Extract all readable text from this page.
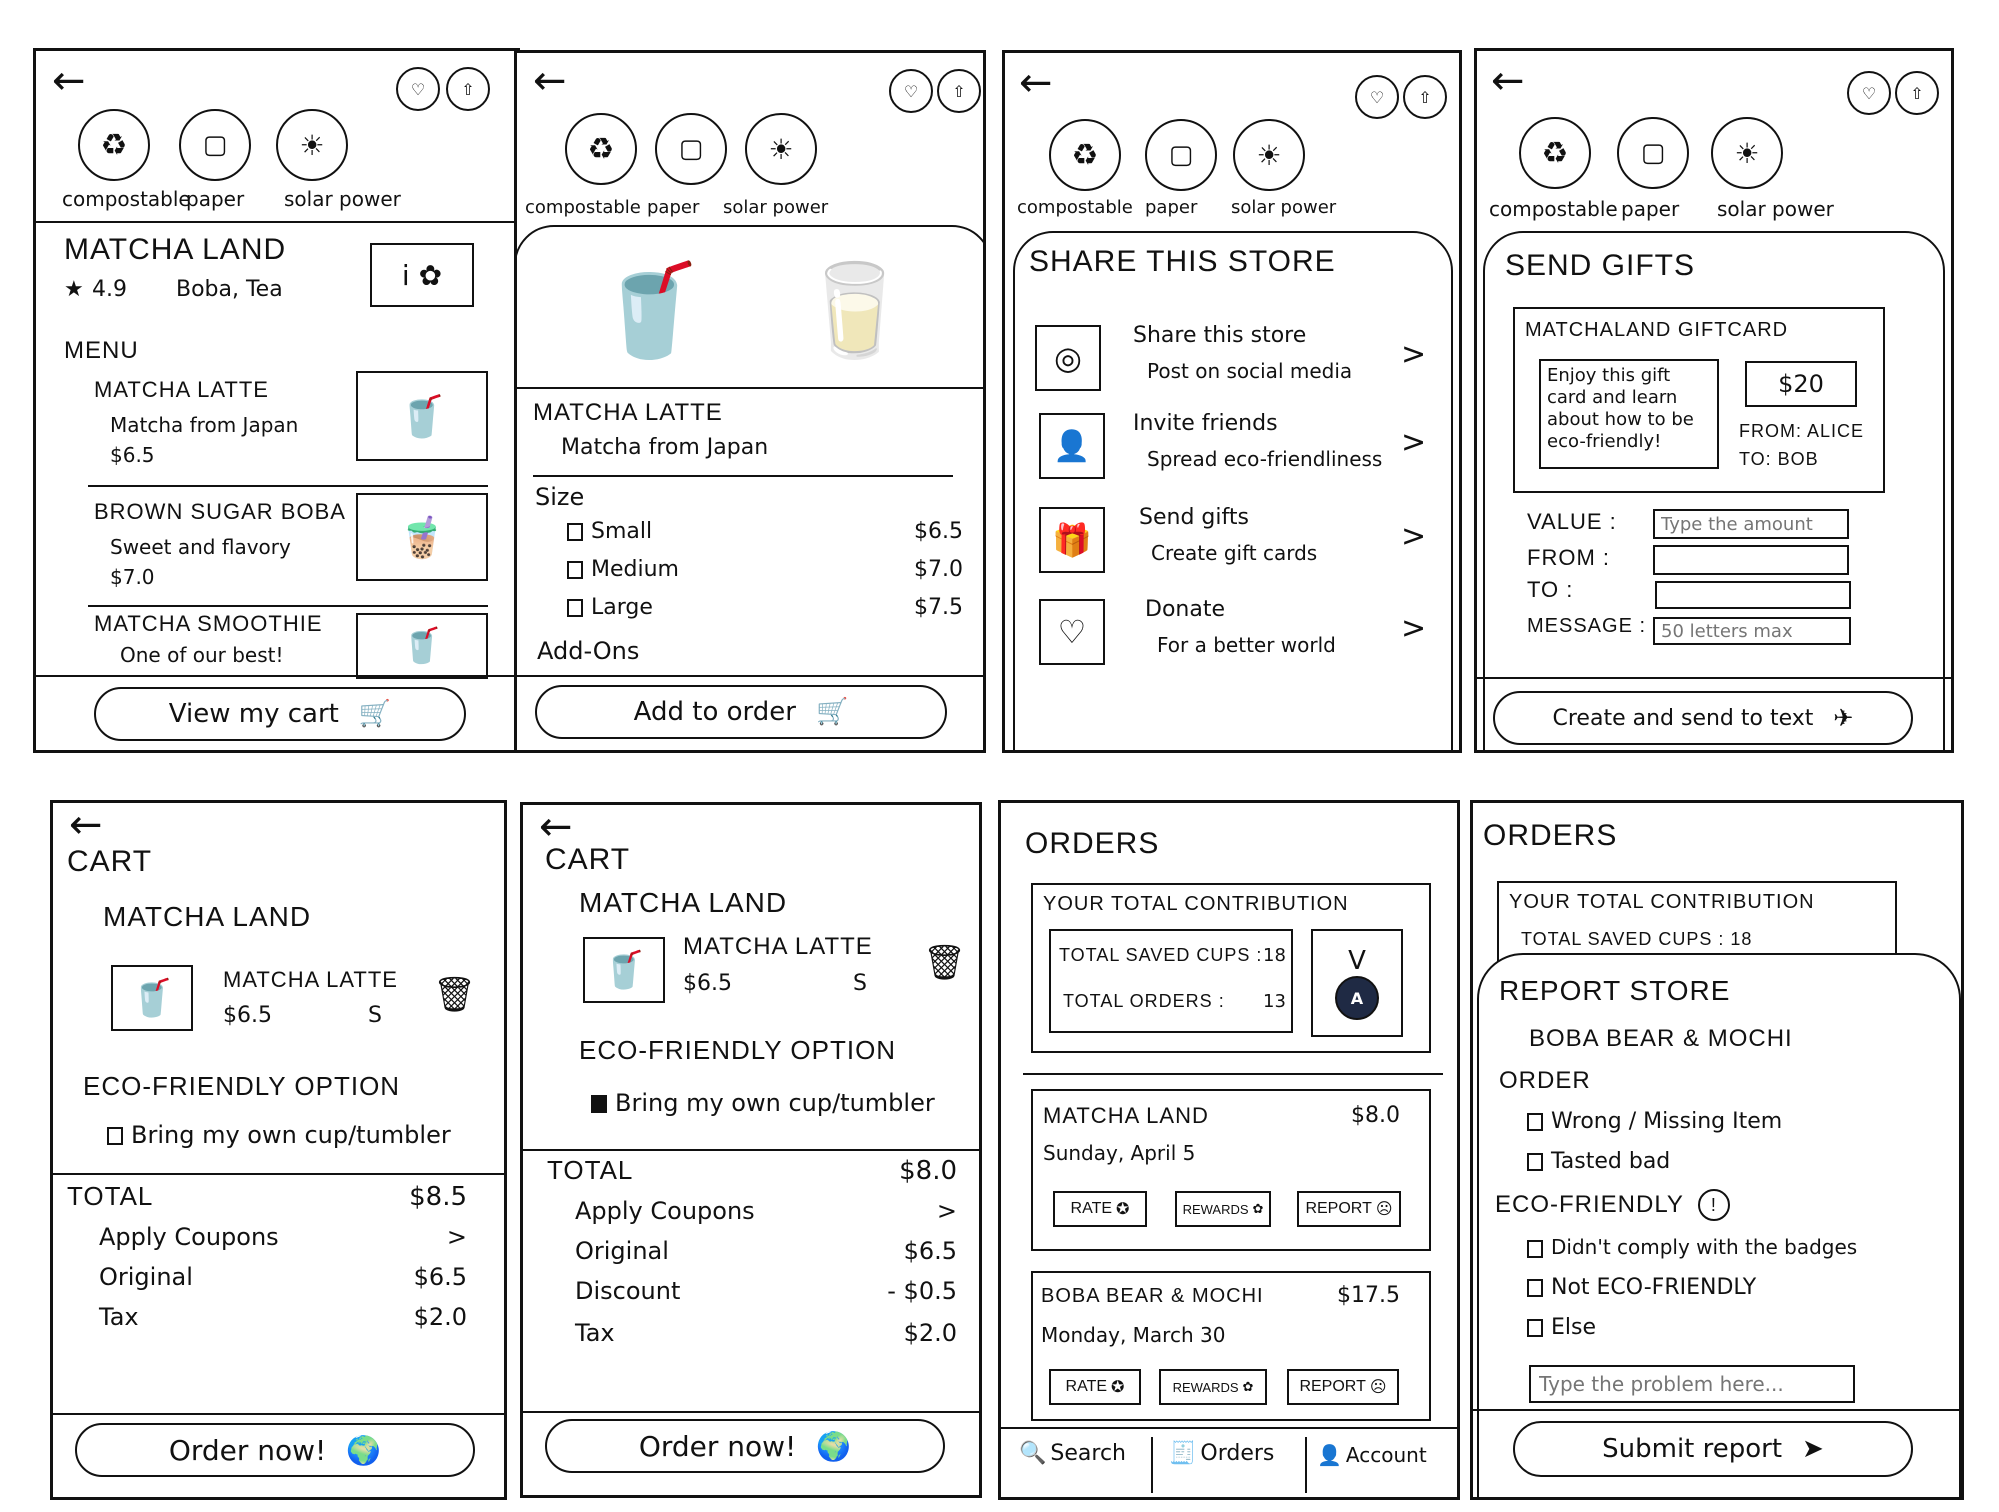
←	♡	⇧
♻	▢	☀
compostable
paper solar power
MATCHA LAND
★ 4.9 Boba, Tea	i ✿
MENU
MATCHA LATTE
Matcha from Japan
$6.5
🥤
BROWN SUGAR BOBA
Sweet and flavory
$7.0
🧋
MATCHA SMOOTHIE
One of our best!	🥤
View my cart 🛒
←	♡	⇧
♻ ▢ ☀
compostable paper solar power
🥤 🥛
MATCHA LATTE
Matcha from Japan
Size
Small	$6.5
Medium	$7.0
Large	$7.5
Add-Ons
Add to order 🛒
←	♡	⇧
♻	▢ ☀
compostable paper solar power
SHARE THIS STORE
◎
Share this store
Post on social media >
👤
Invite friends
Spread eco-friendliness >
🎁
Send gifts
Create gift cards	>
♡
Donate
For a better world >
←	♡	⇧
♻	▢ ☀
compostable paper solar power
SEND GIFTS
MATCHALAND GIFTCARD
Enjoy this gift card and learn about how to be eco-friendly!
$20
FROM: ALICE
TO: BOB
VALUE :
Type the amount
FROM :
TO :
MESSAGE :
50 letters max
Create and send to text ✈
←
CART
MATCHA LAND
🥤	MATCHA LATTE
$6.5	S
🗑
ECO-FRIENDLY OPTION
Bring my own cup/tumbler
TOTAL	$8.5
Apply Coupons	>
Original	$6.5
Tax	$2.0
Order now! 🌍
←
CART
MATCHA LAND
🥤
MATCHA LATTE
$6.5	S
🗑
ECO-FRIENDLY OPTION
Bring my own cup/tumbler
TOTAL	$8.0
Apply Coupons	>
Original	$6.5
Discount	- $0.5
Tax	$2.0
Order now! 🌍
ORDERS
YOUR TOTAL CONTRIBUTION
TOTAL SAVED CUPS : 18
TOTAL ORDERS : 13
V
A
MATCHA LAND	$8.0
Sunday, April 5
RATE ✪	REWARDS ✿	REPORT ☹
BOBA BEAR & MOCHI	$17.5
Monday, March 30
RATE ✪	REWARDS ✿	REPORT ☹
🔍 Search 🧾 Orders 👤 Account
ORDERS
YOUR TOTAL CONTRIBUTION
TOTAL SAVED CUPS : 18
REPORT STORE
BOBA BEAR & MOCHI
ORDER
Wrong / Missing Item
Tasted bad
ECO-FRIENDLY	!
Didn't comply with the badges
Not ECO-FRIENDLY
Else
Type the problem here...
Submit report ➤
